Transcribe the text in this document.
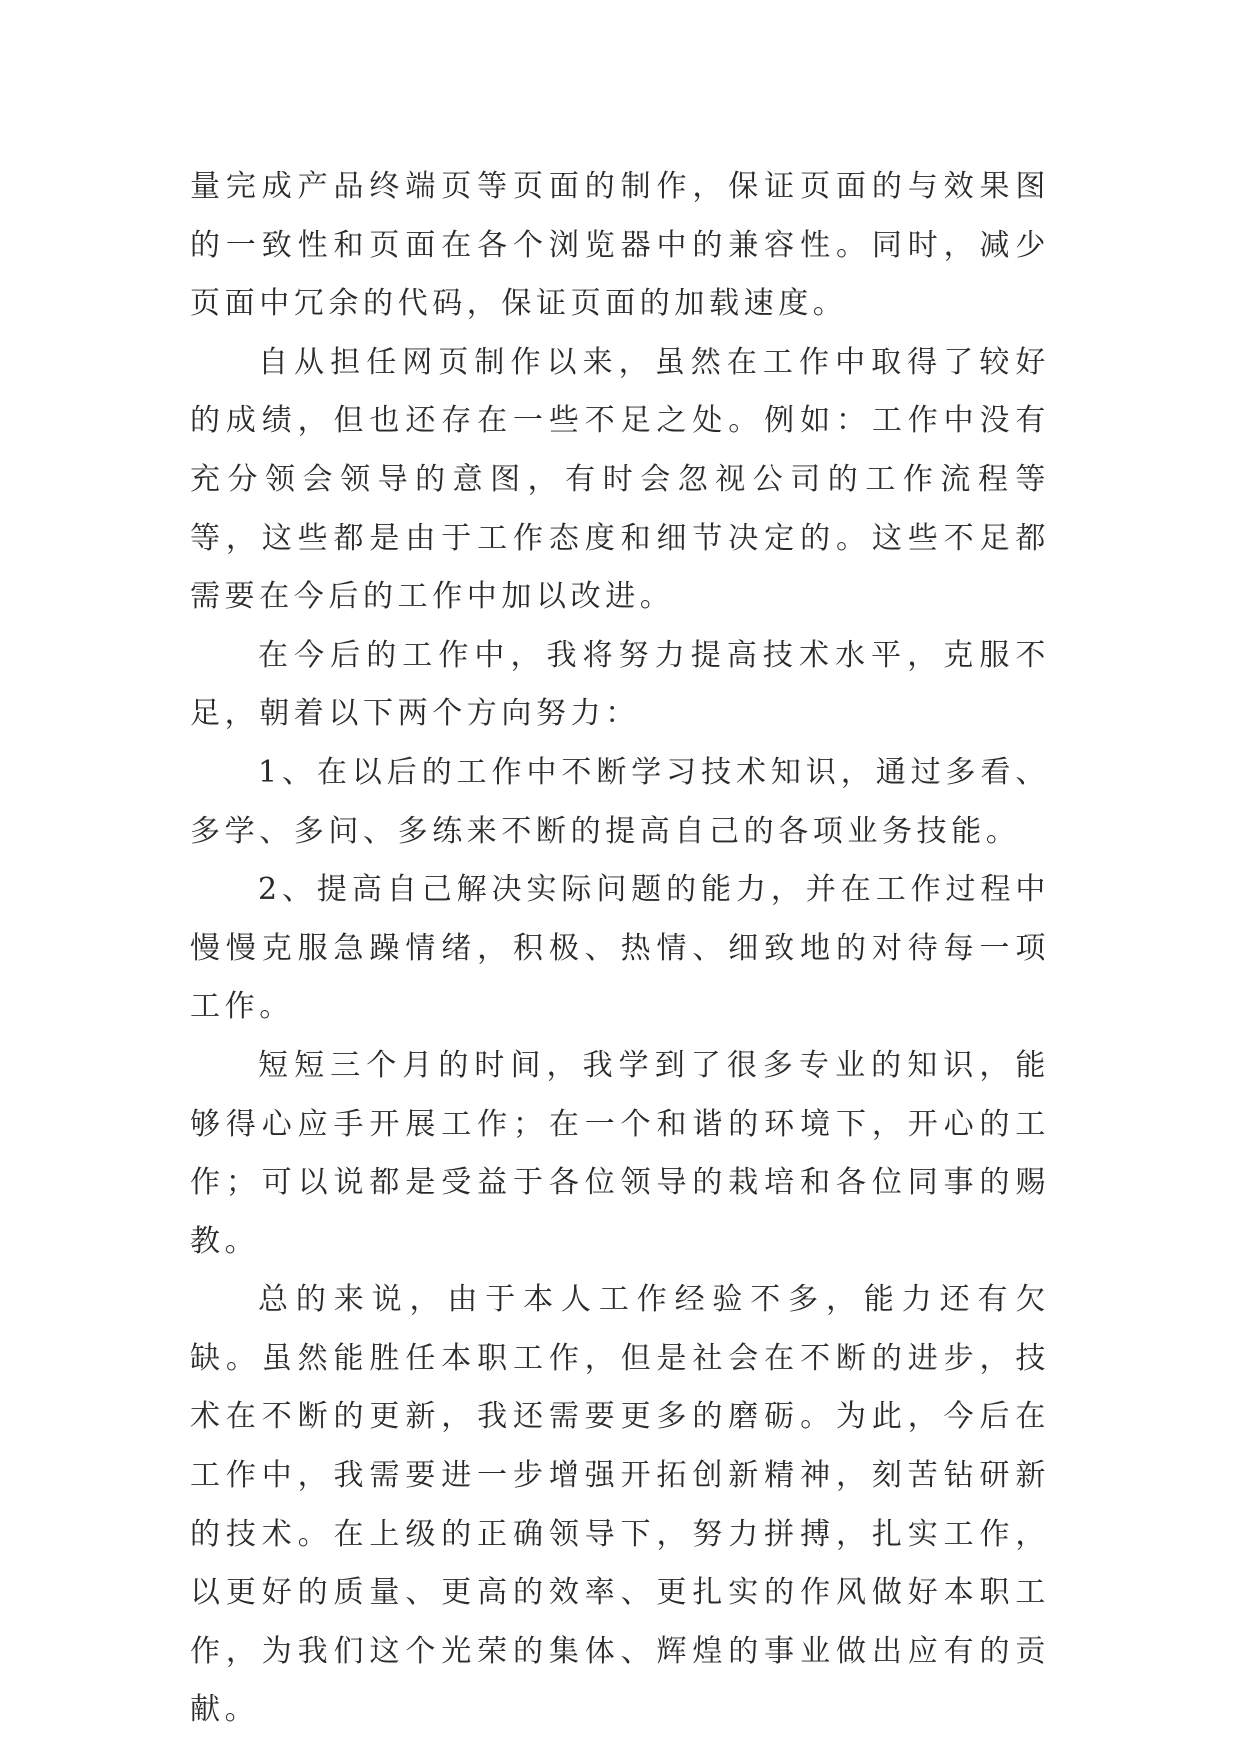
量完成产品终端页等页面的制作，保证页面的与效果图的一致性和页面在各个浏览器中的兼容性。同时，减少页面中冗余的代码，保证页面的加载速度。

自从担任网页制作以来，虽然在工作中取得了较好的成绩，但也还存在一些不足之处。例如：工作中没有充分领会领导的意图，有时会忽视公司的工作流程等等，这些都是由于工作态度和细节决定的。这些不足都需要在今后的工作中加以改进。

在今后的工作中，我将努力提高技术水平，克服不足，朝着以下两个方向努力：

1、在以后的工作中不断学习技术知识，通过多看、多学、多问、多练来不断的提高自己的各项业务技能。

2、提高自己解决实际问题的能力，并在工作过程中慢慢克服急躁情绪，积极、热情、细致地的对待每一项工作。

短短三个月的时间，我学到了很多专业的知识，能够得心应手开展工作；在一个和谐的环境下，开心的工作；可以说都是受益于各位领导的栽培和各位同事的赐教。

总的来说，由于本人工作经验不多，能力还有欠缺。虽然能胜任本职工作，但是社会在不断的进步，技术在不断的更新，我还需要更多的磨砺。为此，今后在工作中，我需要进一步增强开拓创新精神，刻苦钻研新的技术。在上级的正确领导下，努力拼搏，扎实工作，以更好的质量、更高的效率、更扎实的作风做好本职工作，为我们这个光荣的集体、辉煌的事业做出应有的贡献。
